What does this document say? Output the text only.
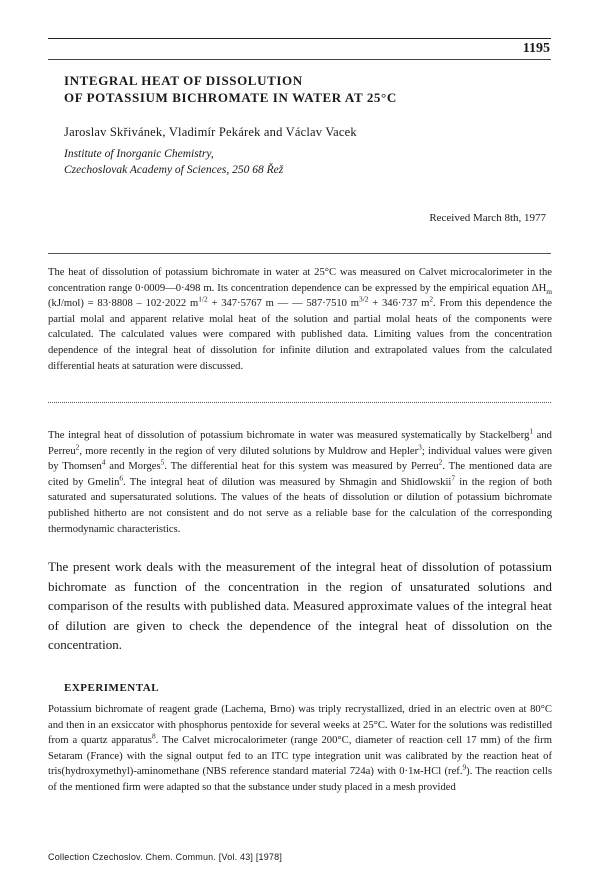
1195
INTEGRAL HEAT OF DISSOLUTION
OF POTASSIUM BICHROMATE IN WATER AT 25°C
Jaroslav Skřivánek, Vladimír Pekárek and Václav Vacek
Institute of Inorganic Chemistry,
Czechoslovak Academy of Sciences, 250 68 Řež
Received March 8th, 1977

The heat of dissolution of potassium bichromate in water at 25°C was measured on Calvet microcalorimeter in the concentration range 0·0009—0·498 m. Its concentration dependence can be expressed by the empirical equation $\Delta H_m$ (kJ/mol) = 83·8808 – 102·2022 $m^{1/2} + 347\cdot 5767$ m — — 587·7510 $m^{3/2} + 346\cdot 737$ $m^2$. From this dependence the partial molal and apparent relative molal heat of the solution and partial molal heats of the components were calculated. The calculated values were compared with published data. Limiting values from the concentration dependence of the integral heat of dissolution for infinite dilution and extrapolated values from the calculated differential heats at saturation were discussed.

The integral heat of dissolution of potassium bichromate in water was measured systematically by Stackelberg$^1$ and Perreu$^2$, more recently in the region of very diluted solutions by Muldrow and Hepler$^3$; individual values were given by Thomsen$^4$ and Morges$^5$. The differential heat for this system was measured by Perreu$^2$. The mentioned data are cited by Gmelin$^6$. The integral heat of dilution was measured by Shmagin and Shidlowskii$^7$ in the region of both saturated and supersaturated solutions. The values of the heats of dissolution or dilution of potassium bichromate published hitherto are not consistent and do not serve as a reliable base for the calculation of the corresponding thermodynamic characteristics.

The present work deals with the measurement of the integral heat of dissolution of potassium bichromate as function of the concentration in the region of unsaturated solutions and comparison of the results with published data. Measured approximate values of the integral heat of dilution are given to check the dependence of the integral heat of dissolution on the concentration.

EXPERIMENTAL

Potassium bichromate of reagent grade (Lachema, Brno) was triply recrystallized, dried in an electric oven at 80°C and then in an exsiccator with phosphorus pentoxide for several weeks at 25°C. Water for the solutions was redistilled from a quartz apparatus$^8$. The Calvet microcalorimeter (range 200°C, diameter of reaction cell 17 mm) of the firm Setaram (France) with the signal output fed to an ITC type integration unit was calibrated by the reaction heat of tris(hydroxymethyl)-aminomethane (NBS reference standard material 724a) with 0·1м-HCl (ref.$^9$). The reaction cells of the mentioned firm were adapted so that the substance under study placed in a mesh provided

Collection Czechoslov. Chem. Commun. [Vol. 43] [1978]
